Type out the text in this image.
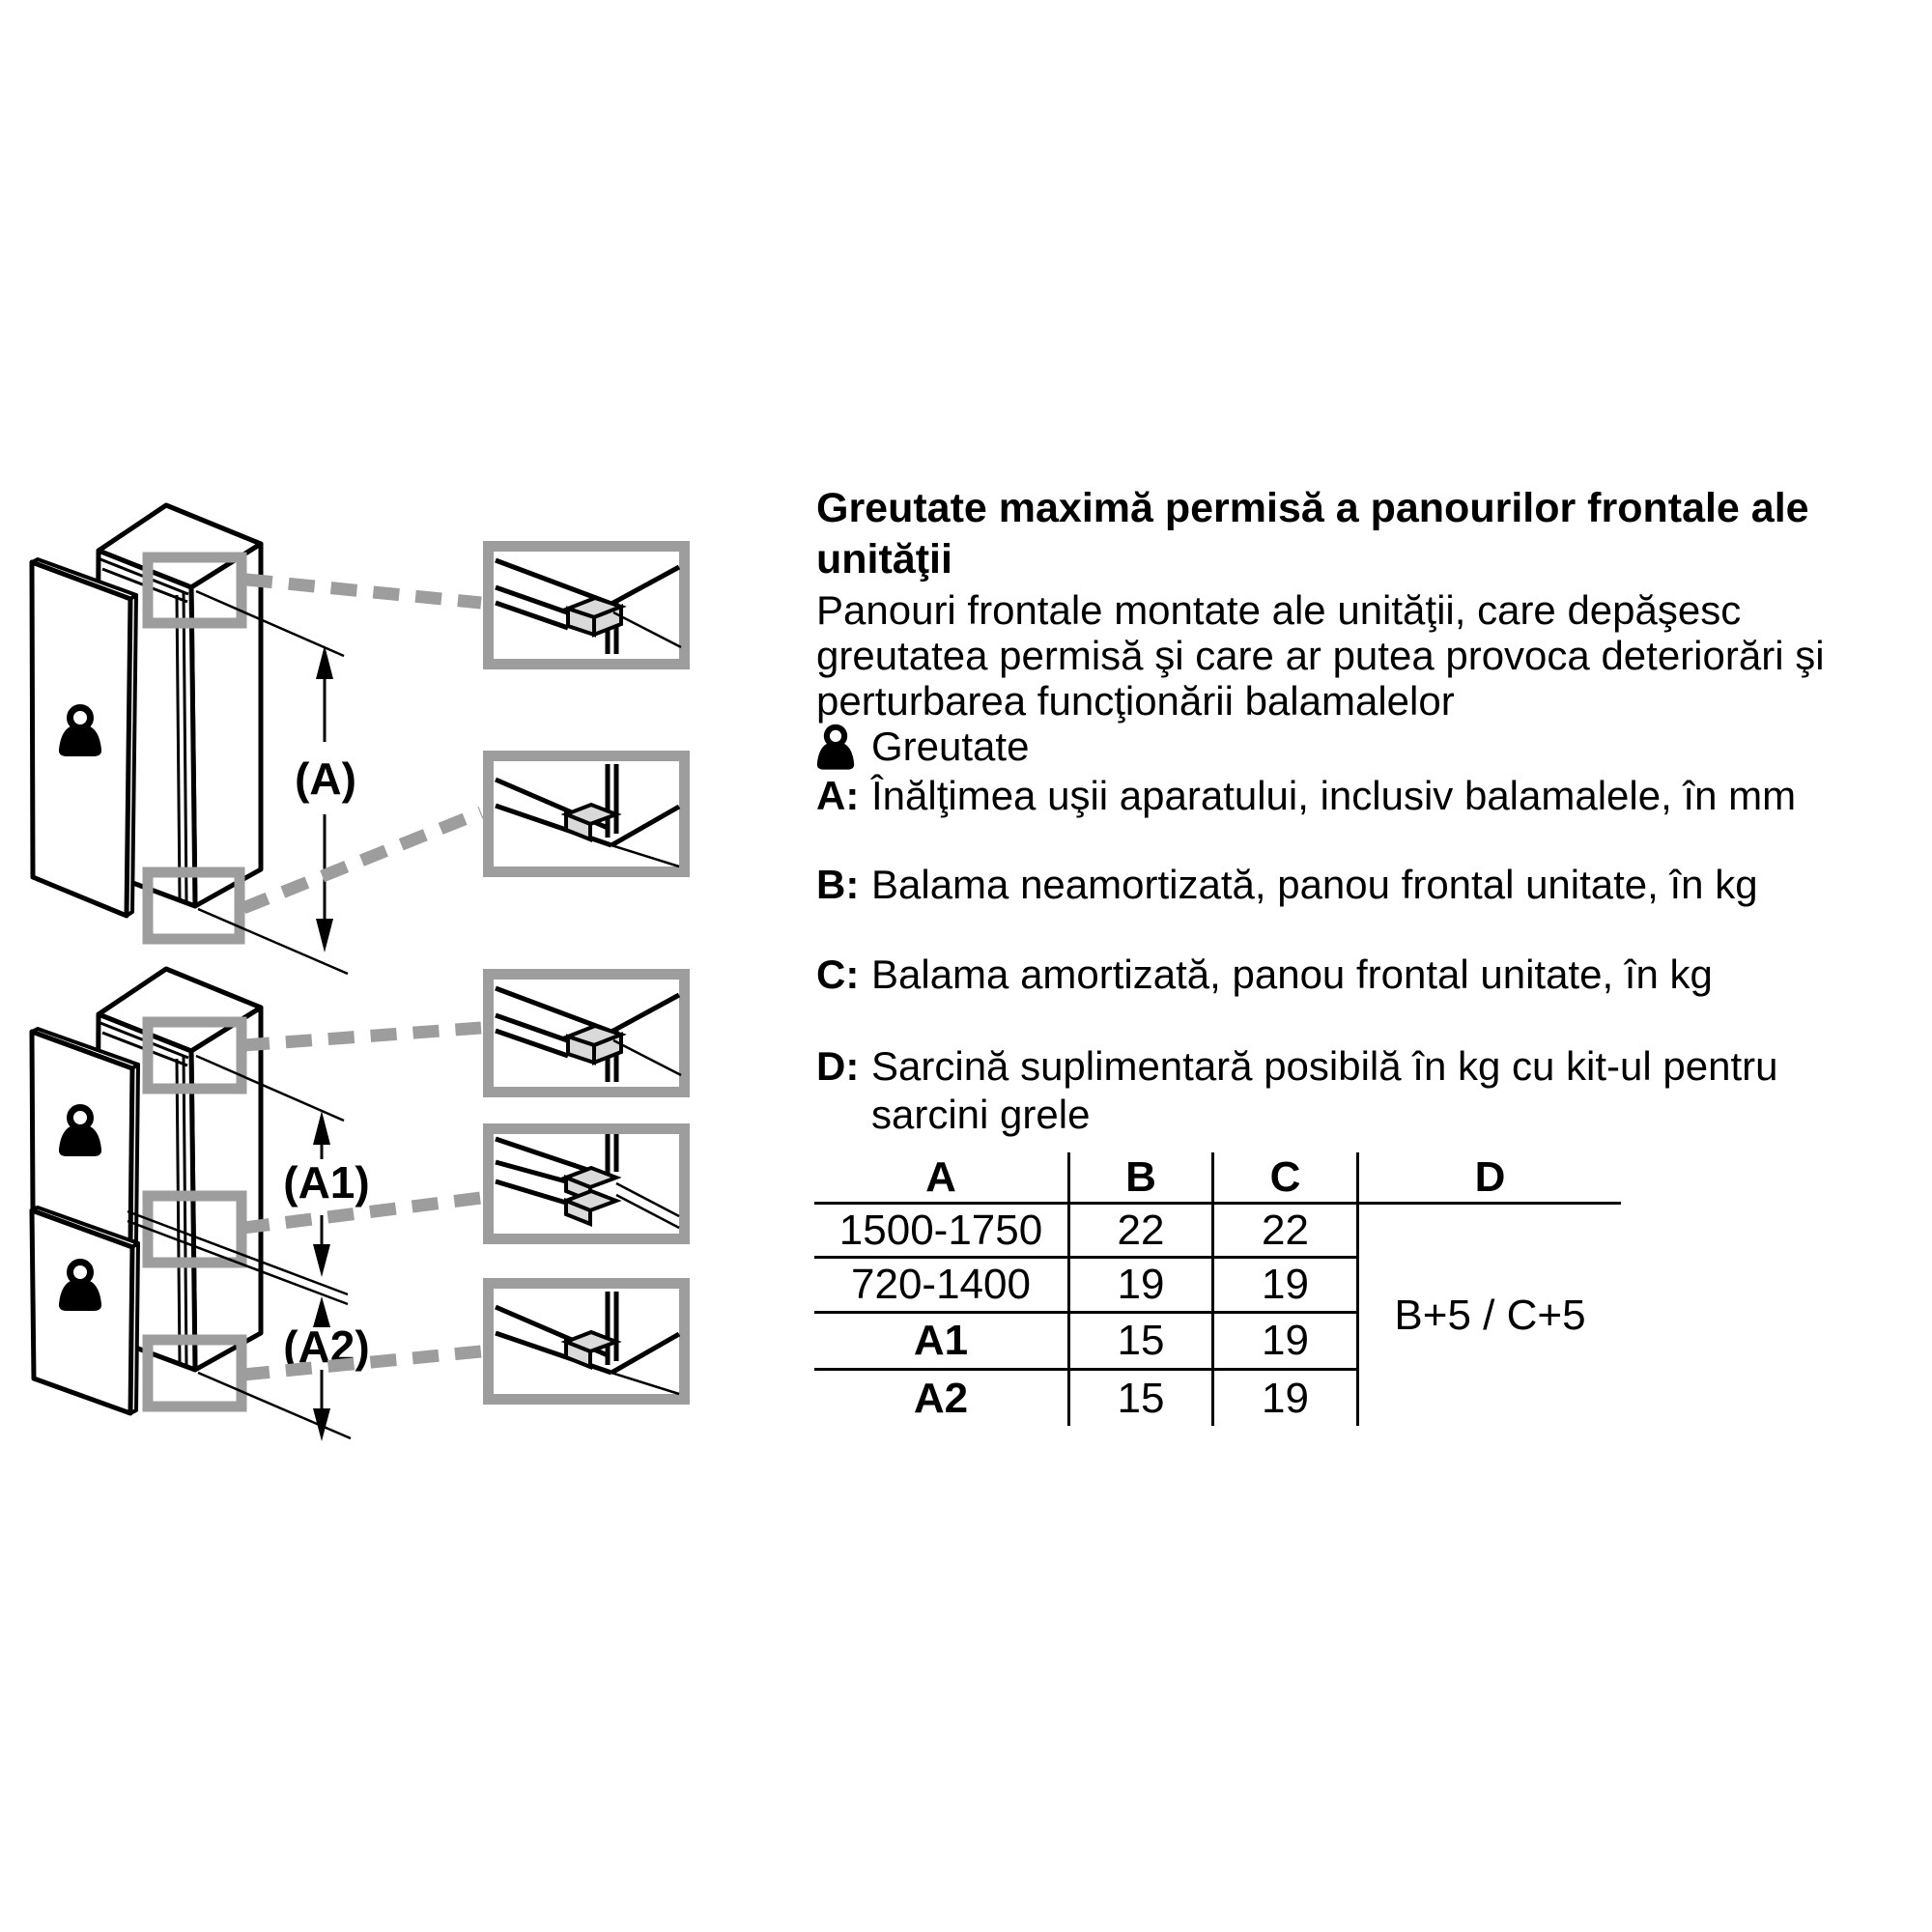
(A)
(A1)
(A2)
Greutate maximă permisă a panourilor frontale ale
unităţii
Panouri frontale montate ale unităţii, care depăşesc
greutatea permisă şi care ar putea provoca deteriorări şi
perturbarea funcţionării balamalelor
Greutate
A: Înălţimea uşii aparatului, inclusiv balamalele, în mm
B: Balama neamortizată, panou frontal unitate, în kg
C: Balama amortizată, panou frontal unitate, în kg
D: Sarcină suplimentară posibilă în kg cu kit-ul pentru
sarcini grele
A	B	C	D
1500-1750	22	22
720-1400	19	19
A1	15	19
A2	15	19
B+5 / C+5
